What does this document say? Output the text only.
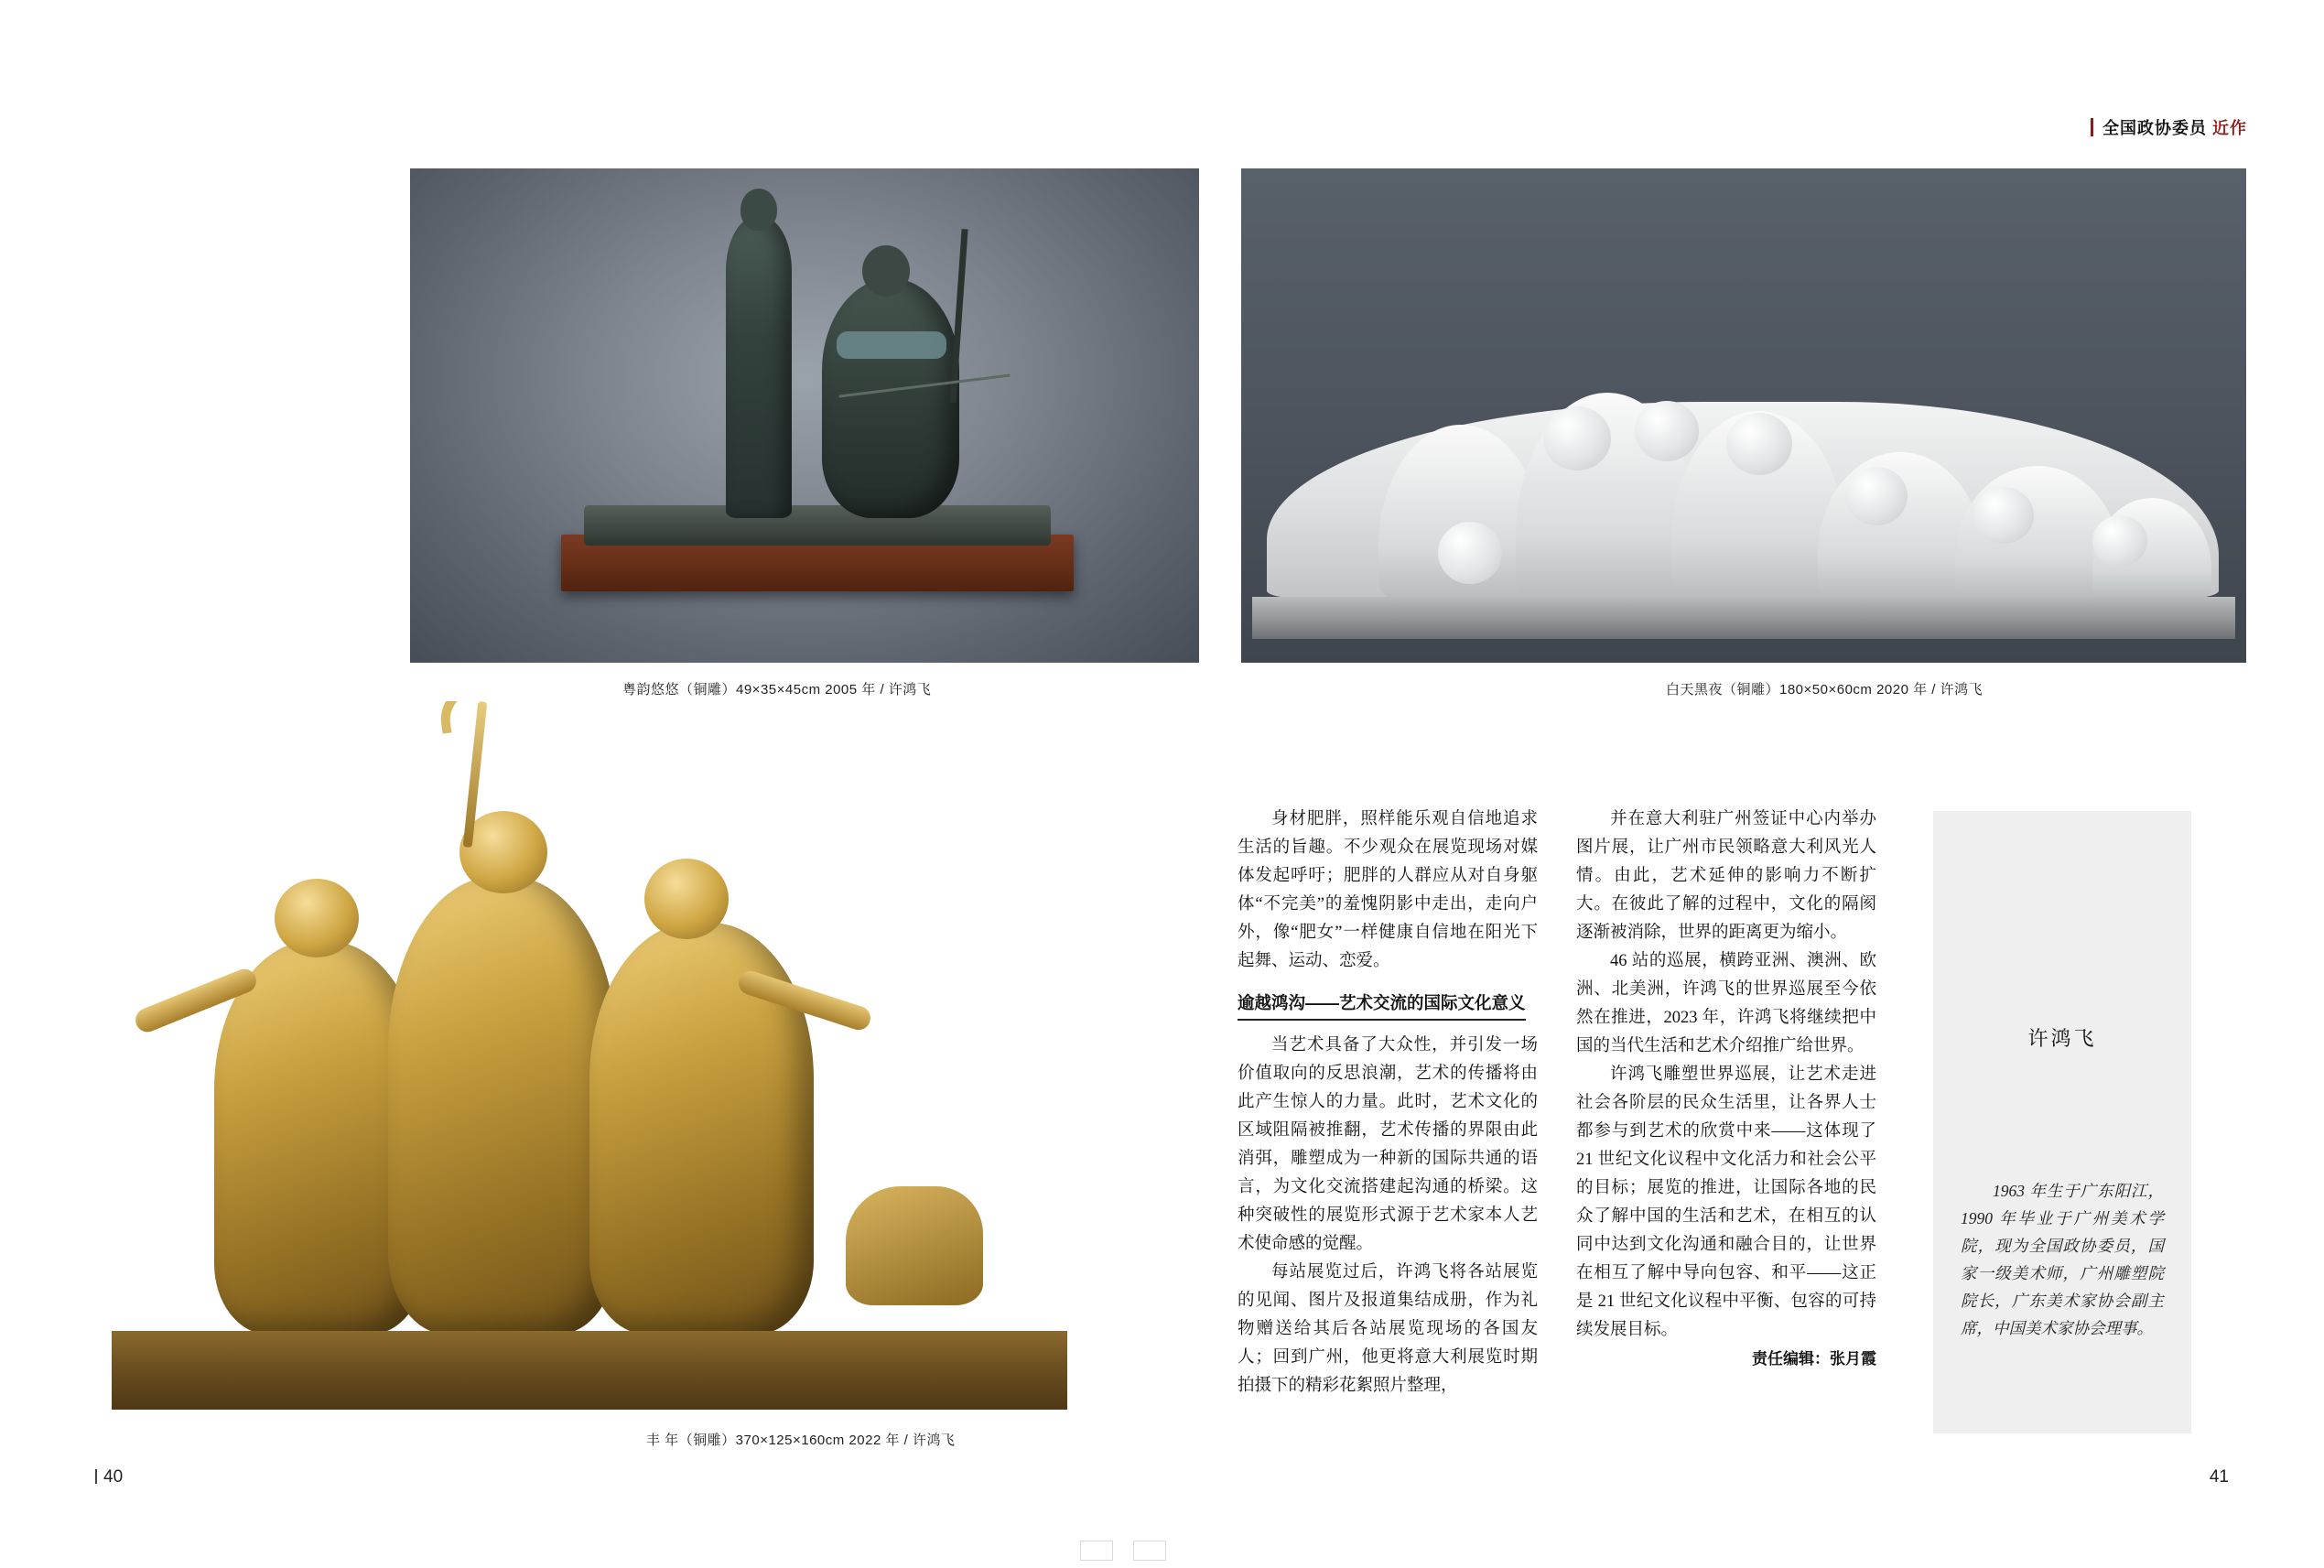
全国政协委员 近作
粤韵悠悠（铜雕）49×35×45cm 2005 年 / 许鸿飞	白天黑夜（铜雕）180×50×60cm 2020 年 / 许鸿飞
丰 年（铜雕）370×125×160cm 2022 年 / 许鸿飞

身材肥胖，照样能乐观自信地追求生活的旨趣。不少观众在展览现场对媒体发起呼吁；肥胖的人群应从对自身躯体“不完美”的羞愧阴影中走出，走向户外，像“肥女”一样健康自信地在阳光下起舞、运动、恋爱。

逾越鸿沟——艺术交流的国际文化意义

当艺术具备了大众性，并引发一场价值取向的反思浪潮，艺术的传播将由此产生惊人的力量。此时，艺术文化的区域阻隔被推翻，艺术传播的界限由此消弭，雕塑成为一种新的国际共通的语言，为文化交流搭建起沟通的桥梁。这种突破性的展览形式源于艺术家本人艺术使命感的觉醒。

每站展览过后，许鸿飞将各站展览的见闻、图片及报道集结成册，作为礼物赠送给其后各站展览现场的各国友人；回到广州，他更将意大利展览时期拍摄下的精彩花絮照片整理，

并在意大利驻广州签证中心内举办图片展，让广州市民领略意大利风光人情。由此，艺术延伸的影响力不断扩大。在彼此了解的过程中，文化的隔阂逐渐被消除，世界的距离更为缩小。

46 站的巡展，横跨亚洲、澳洲、欧洲、北美洲，许鸿飞的世界巡展至今依然在推进，2023 年，许鸿飞将继续把中国的当代生活和艺术介绍推广给世界。

许鸿飞雕塑世界巡展，让艺术走进社会各阶层的民众生活里，让各界人士都参与到艺术的欣赏中来——这体现了 21 世纪文化议程中文化活力和社会公平的目标；展览的推进，让国际各地的民众了解中国的生活和艺术，在相互的认同中达到文化沟通和融合目的，让世界在相互了解中导向包容、和平——这正是 21 世纪文化议程中平衡、包容的可持续发展目标。

责任编辑：张月霞

许鸿飞
1963 年生于广东阳江，1990 年毕业于广州美术学院，现为全国政协委员，国家一级美术师，广州雕塑院院长，广东美术家协会副主席，中国美术家协会理事。
40	41
